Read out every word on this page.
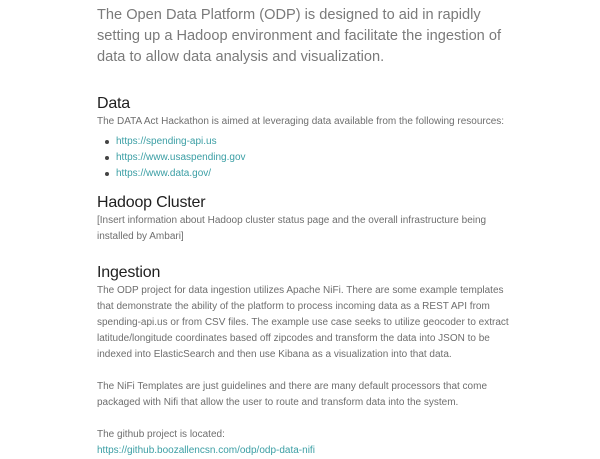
The Open Data Platform (ODP) is designed to aid in rapidly setting up a Hadoop environment and facilitate the ingestion of data to allow data analysis and visualization.

Data

The DATA Act Hackathon is aimed at leveraging data available from the following resources:

https://spending-api.us
https://www.usaspending.gov
https://www.data.gov/
Hadoop Cluster

[Insert information about Hadoop cluster status page and the overall infrastructure being installed by Ambari]

Ingestion

The ODP project for data ingestion utilizes Apache NiFi. There are some example templates that demonstrate the ability of the platform to process incoming data as a REST API from spending-api.us or from CSV files. The example use case seeks to utilize geocoder to extract latitude/longitude coordinates based off zipcodes and transform the data into JSON to be indexed into ElasticSearch and then use Kibana as a visualization into that data.

The NiFi Templates are just guidelines and there are many default processors that come packaged with Nifi that allow the user to route and transform data into the system.

The github project is located:

https://github.boozallencsn.com/odp/odp-data-nifi
